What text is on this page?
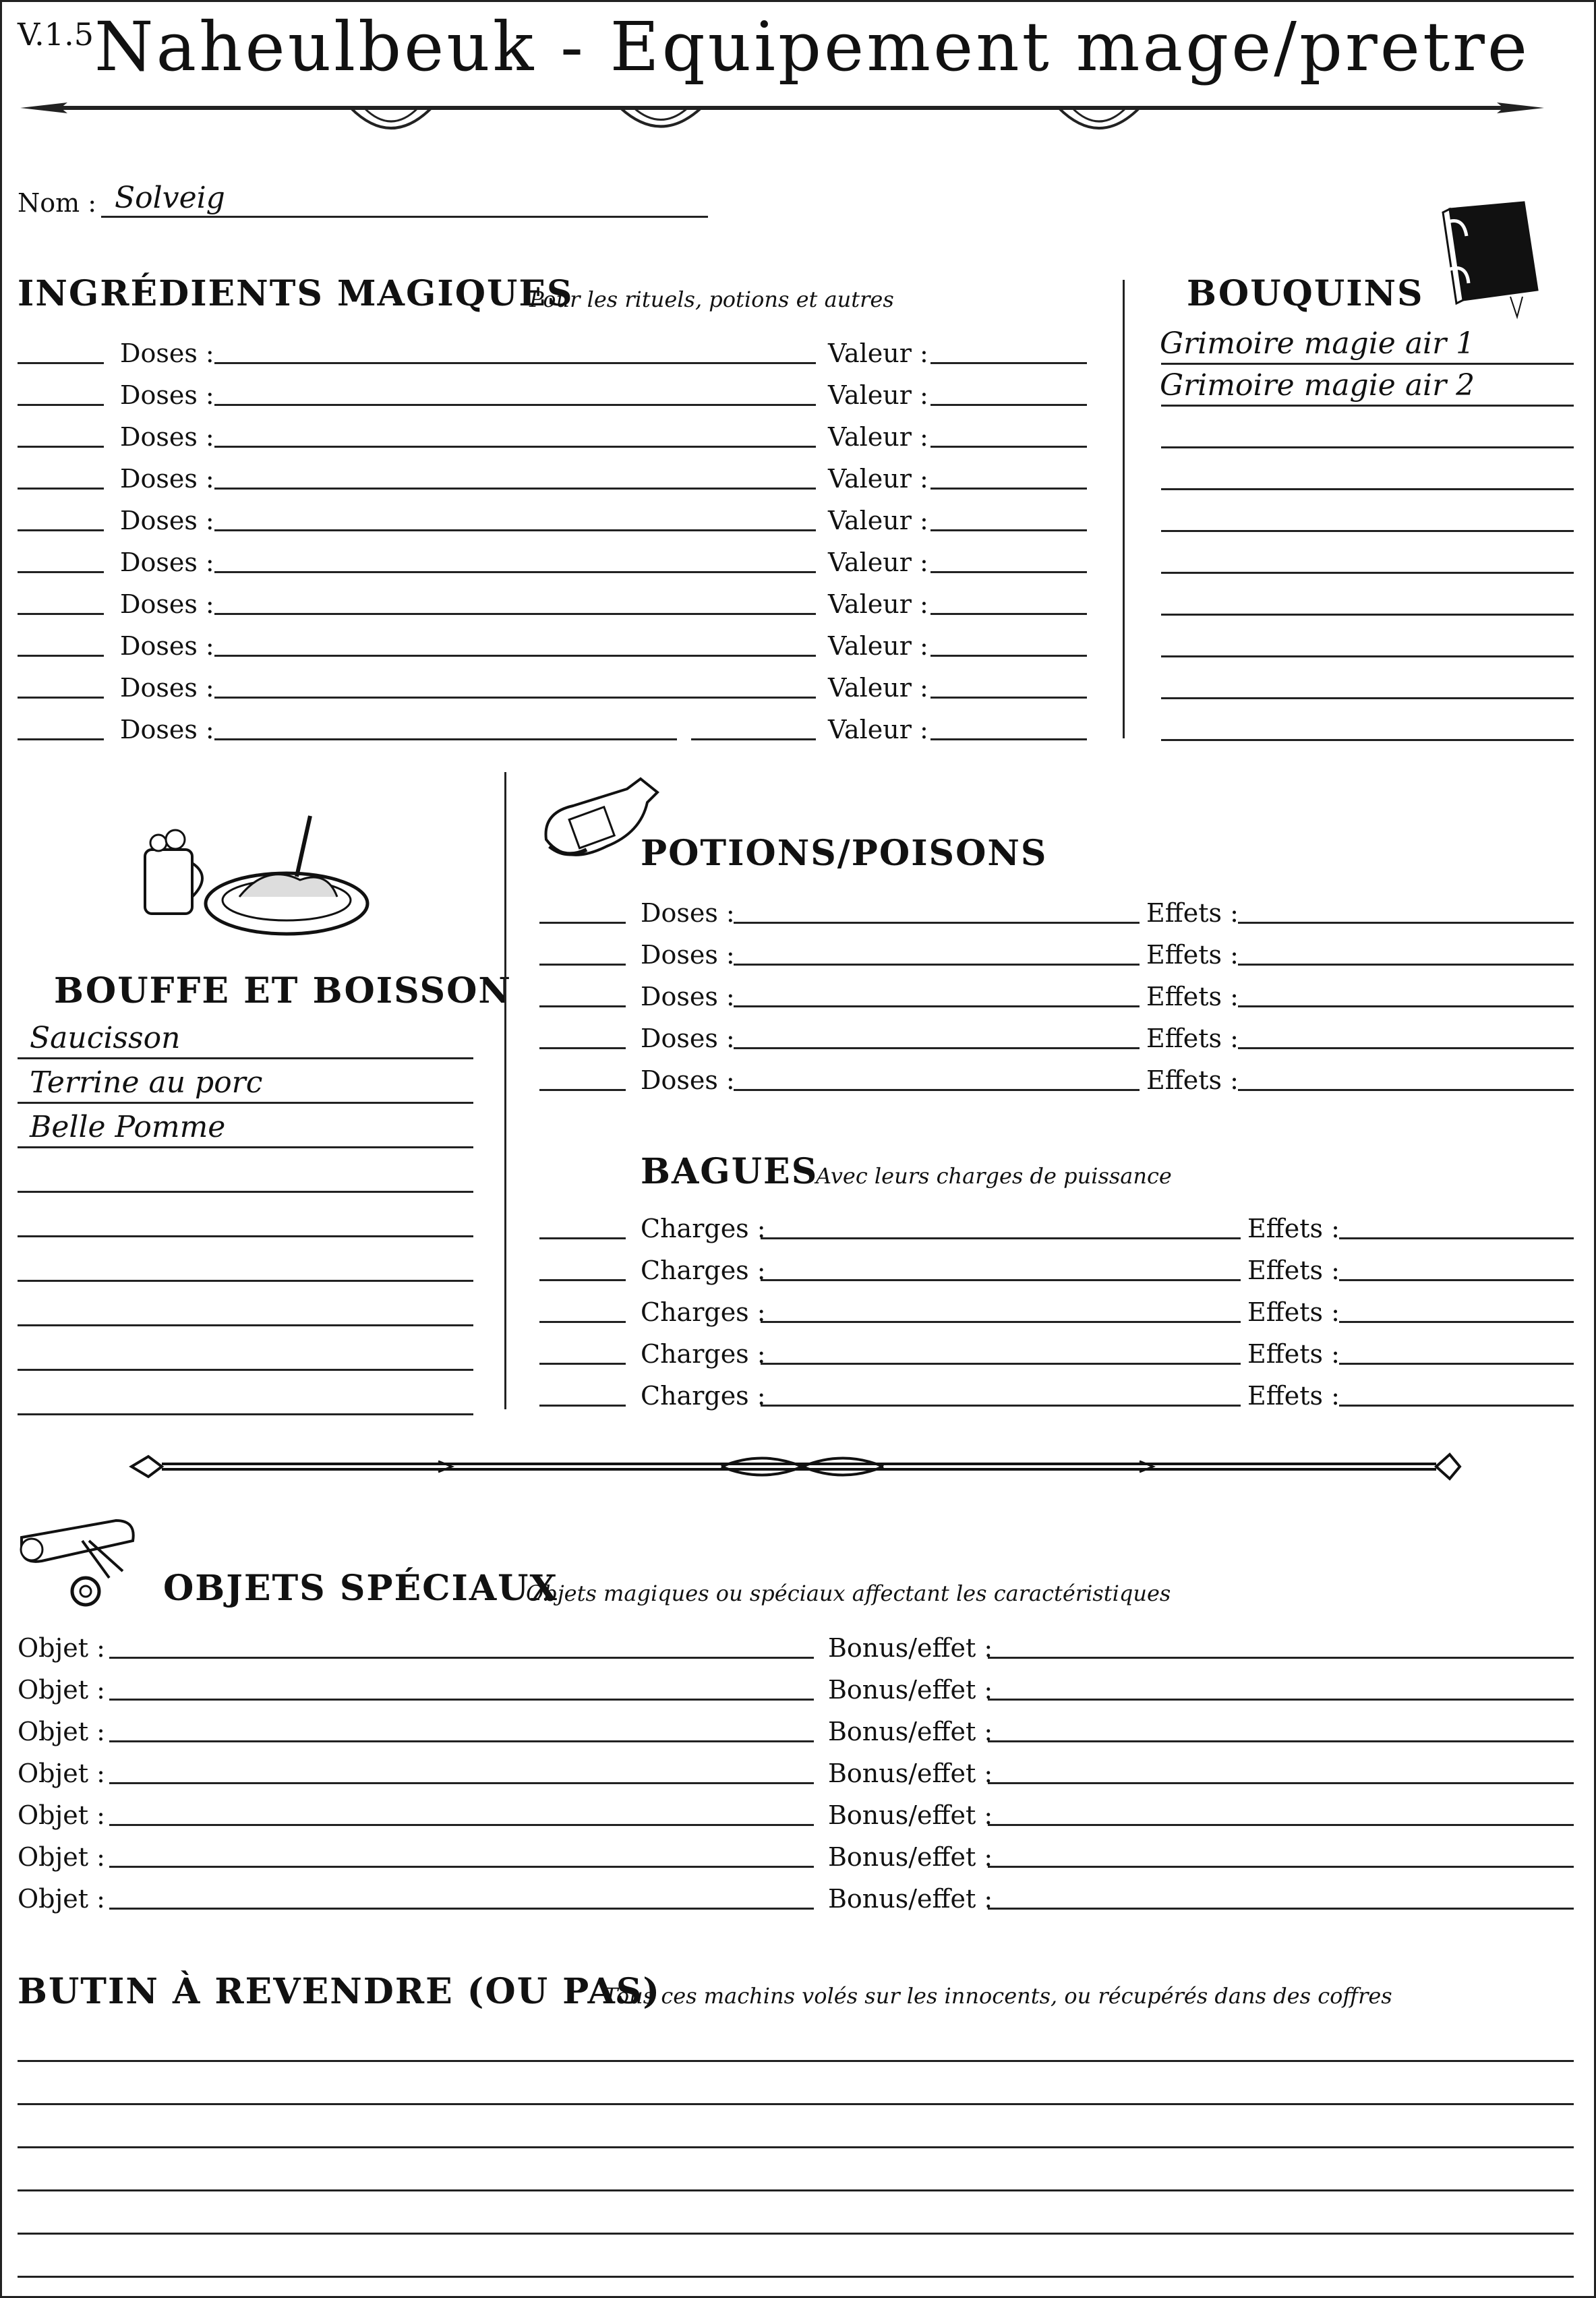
V.1.5 Naheulbeuk - Equipement mage/pretre
Nom : Solveig
INGRÉDIENTS MAGIQUES
Pour les rituels, potions et autres
Doses :	Valeur :
Doses :	Valeur :
Doses :	Valeur :
Doses :	Valeur :
Doses :	Valeur :
Doses :	Valeur :
Doses :	Valeur :
Doses :	Valeur :
Doses :	Valeur :
Doses :	Valeur :
BOUQUINS
Grimoire magie air 1
Grimoire magie air 2
BOUFFE ET BOISSON
Saucisson
Terrine au porc
Belle Pomme
POTIONS/POISONS
Doses :	Effets :
Doses :	Effets :
Doses :	Effets :
Doses :	Effets :
Doses :	Effets :
BAGUES
Avec leurs charges de puissance
Charges :	Effets :
Charges :	Effets :
Charges :	Effets :
Charges :	Effets :
Charges :	Effets :
OBJETS SPÉCIAUX
Objets magiques ou spéciaux affectant les caractéristiques
Objet :	Bonus/effet :
Objet :	Bonus/effet :
Objet :	Bonus/effet :
Objet :	Bonus/effet :
Objet :	Bonus/effet :
Objet :	Bonus/effet :
Objet :	Bonus/effet :
BUTIN À REVENDRE (OU PAS)
Tous ces machins volés sur les innocents, ou récupérés dans des coffres
